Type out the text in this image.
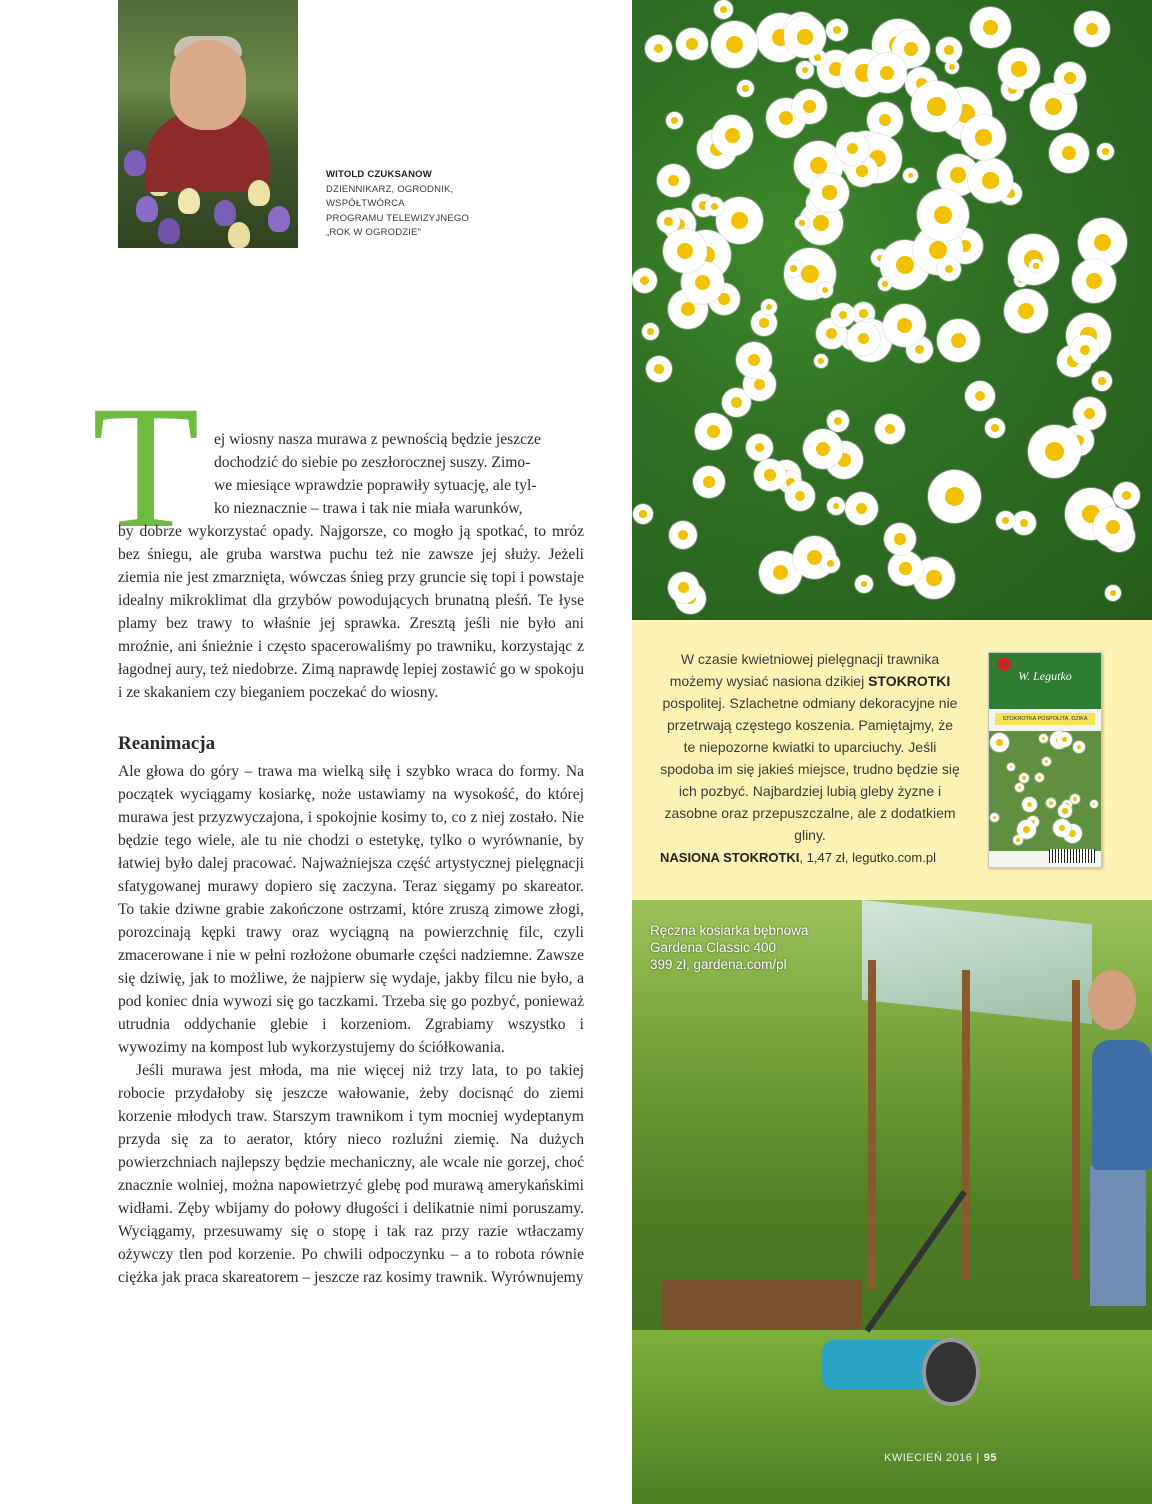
WITOLD CZUKSANOW
DZIENNIKARZ, OGRODNIK,
WSPÓŁTWÓRCA
PROGRAMU TELEWIZYJNEGO
„ROK W OGRODZIE”
T ej wiosny nasza murawa z pewnością będzie jeszcze
dochodzić do siebie po zeszłorocznej suszy. Zimo-
we miesiące wprawdzie poprawiły sytuację, ale tyl-
ko nieznacznie – trawa i tak nie miała warunków,
by dobrze wykorzystać opady. Najgorsze, co mogło ją spotkać, to mróz bez śniegu, ale gruba warstwa puchu też nie zawsze jej służy. Jeżeli ziemia nie jest zmarznięta, wówczas śnieg przy gruncie się topi i powstaje idealny mikroklimat dla grzybów powodujących brunatną pleśń. Te łyse plamy bez trawy to właśnie jej sprawka. Zresztą jeśli nie było ani mroźnie, ani śnieżnie i często spacerowaliśmy po trawniku, korzystając z łagodnej aury, też niedobrze. Zimą naprawdę lepiej zostawić go w spokoju i ze skakaniem czy bieganiem poczekać do wiosny.

Reanimacja

Ale głowa do góry – trawa ma wielką siłę i szybko wraca do formy. Na początek wyciągamy kosiarkę, noże ustawiamy na wysokość, do której murawa jest przyzwyczajona, i spokojnie kosimy to, co z niej zostało. Nie będzie tego wiele, ale tu nie chodzi o estetykę, tylko o wyrównanie, by łatwiej było dalej pracować. Najważniejsza część artystycznej pielęgnacji sfatygowanej murawy dopiero się zaczyna. Teraz sięgamy po skareator. To takie dziwne grabie zakończone ostrzami, które zruszą zimowe złogi, porozcinają kępki trawy oraz wyciągną na powierzchnię filc, czyli zmacerowane i nie w pełni rozłożone obumarłe części nadziemne. Zawsze się dziwię, jak to możliwe, że najpierw się wydaje, jakby filcu nie było, a pod koniec dnia wywozi się go taczkami. Trzeba się go pozbyć, ponieważ utrudnia oddychanie glebie i korzeniom. Zgrabiamy wszystko i wywozimy na kompost lub wykorzystujemy do ściółkowania.

Jeśli murawa jest młoda, ma nie więcej niż trzy lata, to po takiej robocie przydałoby się jeszcze wałowanie, żeby docisnąć do ziemi korzenie młodych traw. Starszym trawnikom i tym mocniej wydeptanym przyda się za to aerator, który nieco rozluźni ziemię. Na dużych powierzchniach najlepszy będzie mechaniczny, ale wcale nie gorzej, choć znacznie wolniej, można napowietrzyć glebę pod murawą amerykańskimi widłami. Zęby wbijamy do połowy długości i delikatnie nimi poruszamy. Wyciągamy, przesuwamy się o stopę i tak raz przy razie wtłaczamy ożywczy tlen pod korzenie. Po chwili odpoczynku – a to robota równie ciężka jak praca skareatorem – jeszcze raz kosimy trawnik. Wyrównujemy

W czasie kwietniowej pielęgnacji trawnika możemy wysiać nasiona dzikiej STOKROTKI pospolitej. Szlachetne odmiany dekoracyjne nie przetrwają częstego koszenia. Pamiętajmy, że te niepozorne kwiatki to uparciuchy. Jeśli spodoba im się jakieś miejsce, trudno będzie się ich pozbyć. Najbardziej lubią gleby żyzne i zasobne oraz przepuszczalne, ale z dodatkiem gliny.
W. Legutko
STOKROTKA POSPOLITA, DZIKA
NASIONA STOKROTKI, 1,47 zł, legutko.com.pl
Ręczna kosiarka bębnowa
Gardena Classic 400
399 zł, gardena.com/pl
KWIECIEŃ 2016 | 95
